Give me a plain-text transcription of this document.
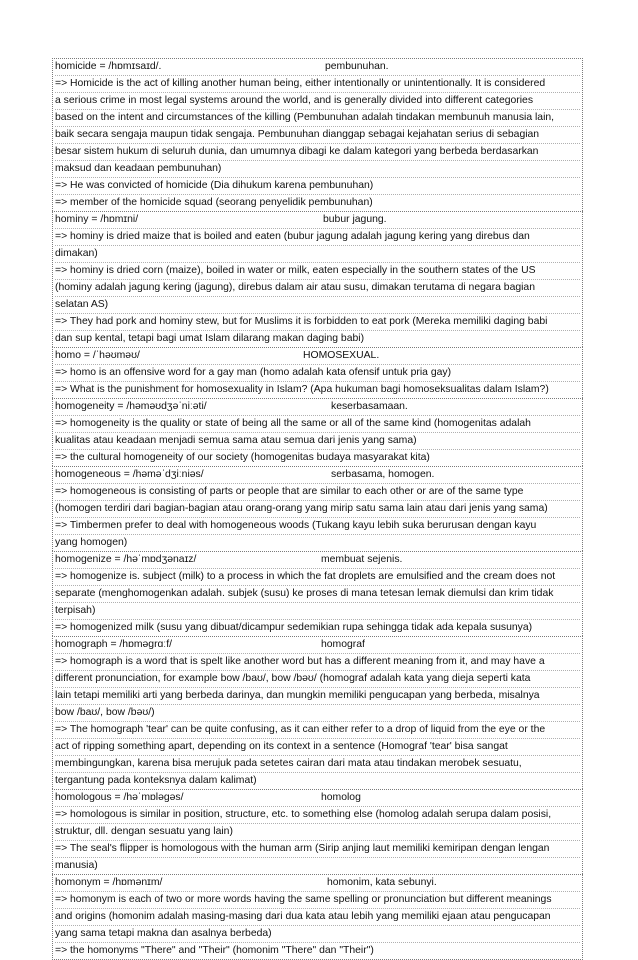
homicide = /hɒmɪsaɪd/.	pembunuhan.
=> Homicide is the act of killing another human being, either intentionally or unintentionally. It is considered
a serious crime in most legal systems around the world, and is generally divided into different categories
based on the intent and circumstances of the killing (Pembunuhan adalah tindakan membunuh manusia lain,
baik secara sengaja maupun tidak sengaja. Pembunuhan dianggap sebagai kejahatan serius di sebagian
besar sistem hukum di seluruh dunia, dan umumnya dibagi ke dalam kategori yang berbeda berdasarkan
maksud dan keadaan pembunuhan)
=> He was convicted of homicide (Dia dihukum karena pembunuhan)
=> member of the homicide squad (seorang penyelidik pembunuhan)
hominy = /hɒmɪni/	bubur jagung.
=> hominy is dried maize that is boiled and eaten (bubur jagung adalah jagung kering yang direbus dan
dimakan)
=> hominy is dried corn (maize), boiled in water or milk, eaten especially in the southern states of the US
(hominy adalah jagung kering (jagung), direbus dalam air atau susu, dimakan terutama di negara bagian
selatan AS)
=> They had pork and hominy stew, but for Muslims it is forbidden to eat pork (Mereka memiliki daging babi
dan sup kental, tetapi bagi umat Islam dilarang makan daging babi)
homo = /ˈhəʊməʊ/	HOMOSEXUAL.
=> homo is an offensive word for a gay man (homo adalah kata ofensif untuk pria gay)
=> What is the punishment for homosexuality in Islam? (Apa hukuman bagi homoseksualitas dalam Islam?)
homogeneity = /həməʊdʒəˈniːəti/	keserbasamaan.
=> homogeneity is the quality or state of being all the same or all of the same kind (homogenitas adalah
kualitas atau keadaan menjadi semua sama atau semua dari jenis yang sama)
=> the cultural homogeneity of our society (homogenitas budaya masyarakat kita)
homogeneous = /həməˈdʒiːniəs/	serbasama, homogen.
=> homogeneous is consisting of parts or people that are similar to each other or are of the same type
(homogen terdiri dari bagian-bagian atau orang-orang yang mirip satu sama lain atau dari jenis yang sama)
=> Timbermen prefer to deal with homogeneous woods (Tukang kayu lebih suka berurusan dengan kayu
yang homogen)
homogenize = /həˈmɒdʒənaɪz/	membuat sejenis.
=> homogenize is. subject (milk) to a process in which the fat droplets are emulsified and the cream does not
separate (menghomogenkan adalah. subjek (susu) ke proses di mana tetesan lemak diemulsi dan krim tidak
terpisah)
=> homogenized milk (susu yang dibuat/dicampur sedemikian rupa sehingga tidak ada kepala susunya)
homograph = /hɒməgrɑːf/	homograf
=> homograph is a word that is spelt like another word but has a different meaning from it, and may have a
different pronunciation, for example bow /baʊ/, bow /bəʊ/ (homograf adalah kata yang dieja seperti kata
lain tetapi memiliki arti yang berbeda darinya, dan mungkin memiliki pengucapan yang berbeda, misalnya
bow /baʊ/, bow /bəʊ/)
=> The homograph 'tear' can be quite confusing, as it can either refer to a drop of liquid from the eye or the
act of ripping something apart, depending on its context in a sentence (Homograf 'tear' bisa sangat
membingungkan, karena bisa merujuk pada setetes cairan dari mata atau tindakan merobek sesuatu,
tergantung pada konteksnya dalam kalimat)
homologous = /həˈmɒləgəs/	homolog
=> homologous is similar in position, structure, etc. to something else (homolog adalah serupa dalam posisi,
struktur, dll. dengan sesuatu yang lain)
=> The seal's flipper is homologous with the human arm (Sirip anjing laut memiliki kemiripan dengan lengan
manusia)
homonym = /hɒmənɪm/	homonim, kata sebunyi.
=> homonym is each of two or more words having the same spelling or pronunciation but different meanings
and origins (homonim adalah masing-masing dari dua kata atau lebih yang memiliki ejaan atau pengucapan
yang sama tetapi makna dan asalnya berbeda)
=> the homonyms "There" and "Their" (homonim "There" dan "Their")
